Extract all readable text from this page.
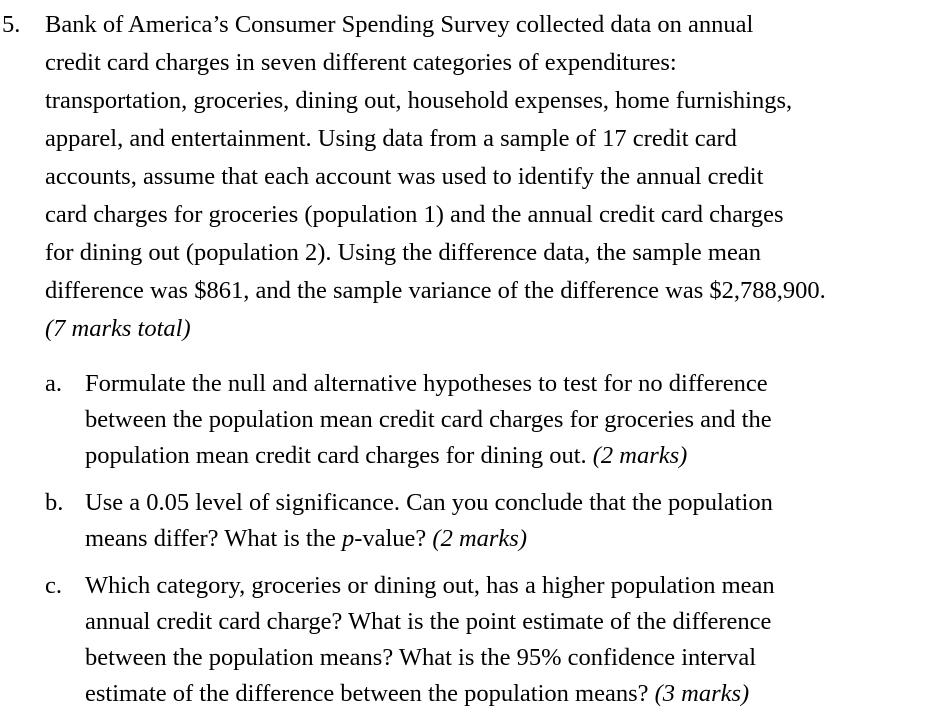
5. Bank of America’s Consumer Spending Survey collected data on annual
credit card charges in seven different categories of expenditures:
transportation, groceries, dining out, household expenses, home furnishings,
apparel, and entertainment. Using data from a sample of 17 credit card
accounts, assume that each account was used to identify the annual credit
card charges for groceries (population 1) and the annual credit card charges
for dining out (population 2). Using the difference data, the sample mean
difference was $861, and the sample variance of the difference was $2,788,900.
(7 marks total)
a. Formulate the null and alternative hypotheses to test for no difference
between the population mean credit card charges for groceries and the
population mean credit card charges for dining out. (2 marks)
b. Use a 0.05 level of significance. Can you conclude that the population
means differ? What is the p-value? (2 marks)
c. Which category, groceries or dining out, has a higher population mean
annual credit card charge? What is the point estimate of the difference
between the population means? What is the 95% confidence interval
estimate of the difference between the population means? (3 marks)
